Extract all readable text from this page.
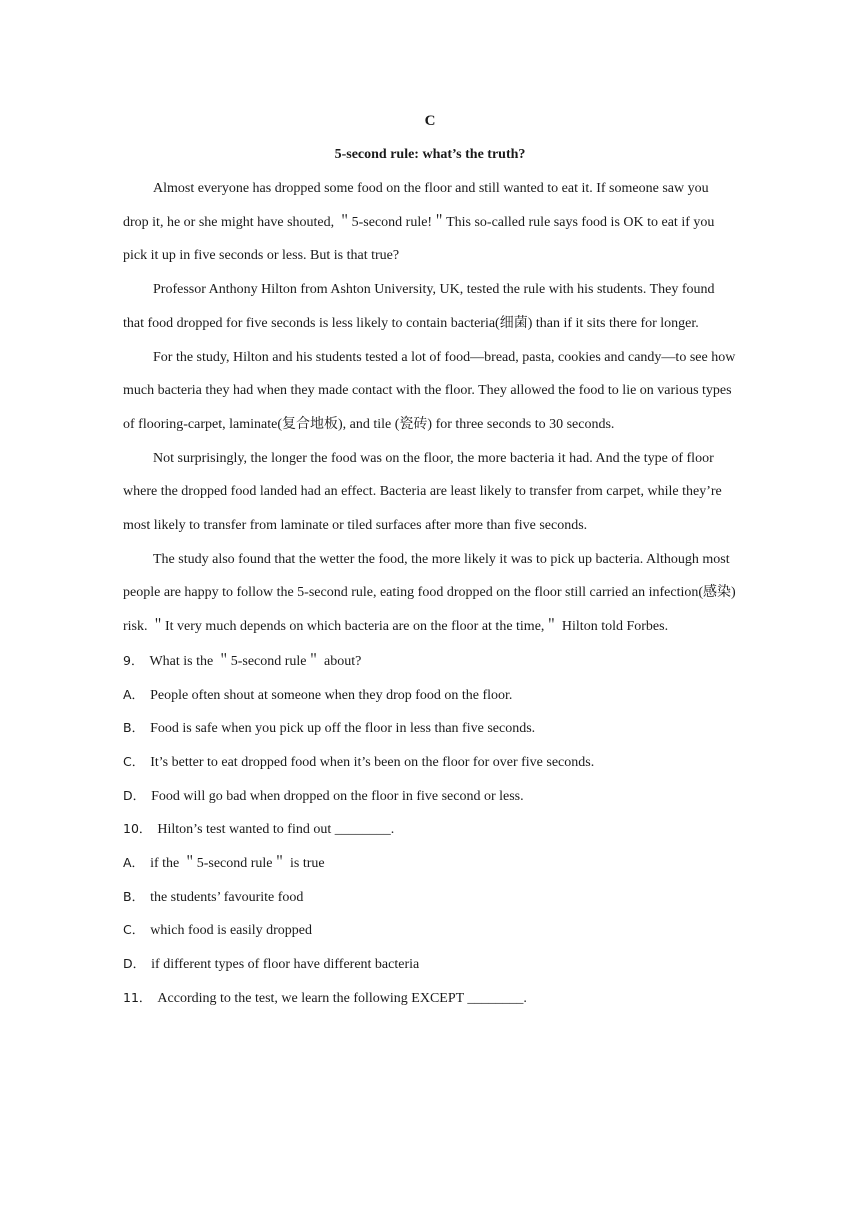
C
5-second rule: what’s the truth?

Almost everyone has dropped some food on the floor and still wanted to eat it. If someone saw you drop it, he or she might have shouted, ＂5-second rule!＂This so-called rule says food is OK to eat if you pick it up in five seconds or less. But is that true?

Professor Anthony Hilton from Ashton University, UK, tested the rule with his students. They found that food dropped for five seconds is less likely to contain bacteria(细菌) than if it sits there for longer.

For the study, Hilton and his students tested a lot of food—bread, pasta, cookies and candy—to see how much bacteria they had when they made contact with the floor. They allowed the food to lie on various types of flooring-carpet, laminate(复合地板), and tile (瓷砖) for three seconds to 30 seconds.

Not surprisingly, the longer the food was on the floor, the more bacteria it had. And the type of floor where the dropped food landed had an effect. Bacteria are least likely to transfer from carpet, while they’re most likely to transfer from laminate or tiled surfaces after more than five seconds.

The study also found that the wetter the food, the more likely it was to pick up bacteria. Although most people are happy to follow the 5-second rule, eating food dropped on the floor still carried an infection(感染) risk. ＂It very much depends on which bacteria are on the floor at the time,＂ Hilton told Forbes.

9． What is the ＂5-second rule＂ about?

A． People often shout at someone when they drop food on the floor.

B． Food is safe when you pick up off the floor in less than five seconds.

C． It’s better to eat dropped food when it’s been on the floor for over five seconds.

D． Food will go bad when dropped on the floor in five second or less.

10． Hilton’s test wanted to find out ________.

A． if the ＂5-second rule＂ is true

B． the students’ favourite food

C． which food is easily dropped

D． if different types of floor have different bacteria

11． According to the test, we learn the following EXCEPT ________.
